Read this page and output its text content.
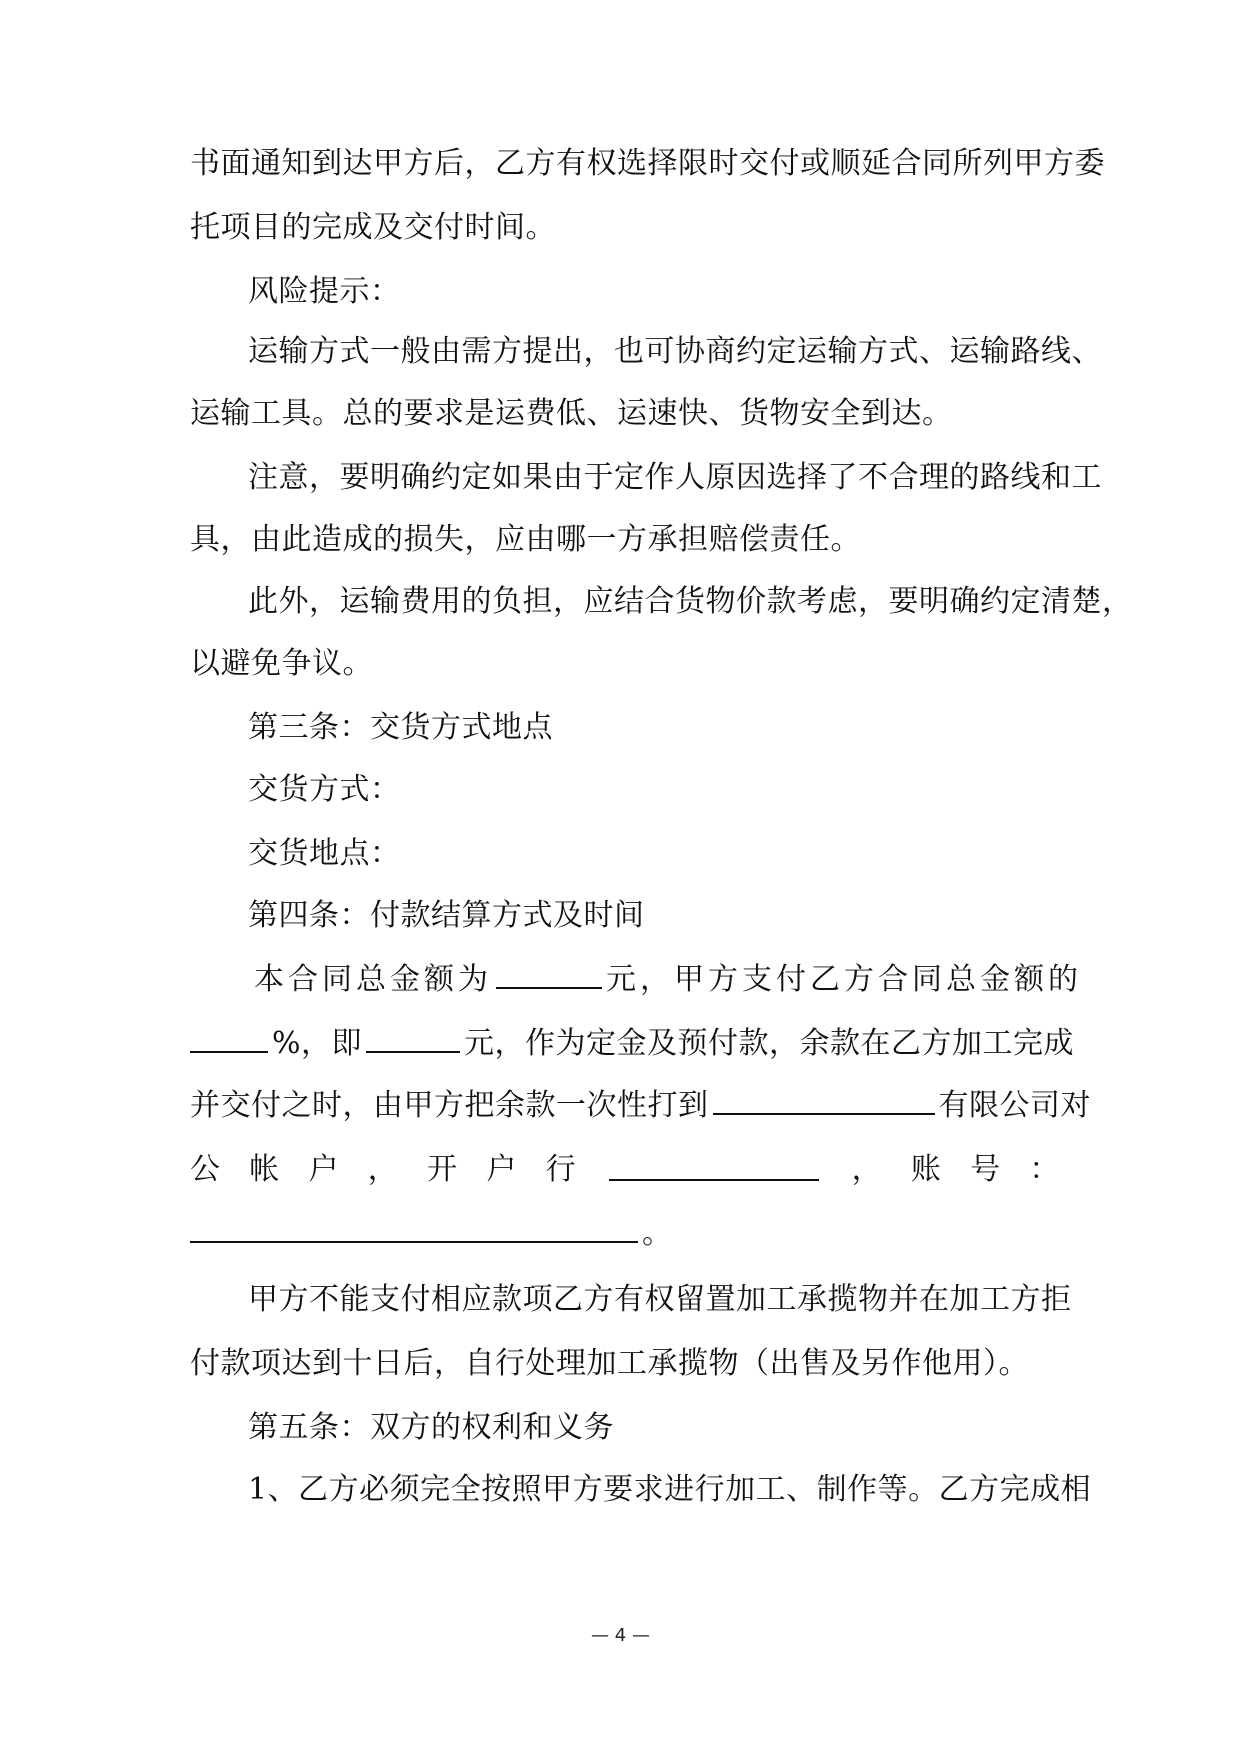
书面通知到达甲方后，乙方有权选择限时交付或顺延合同所列甲方委
托项目的完成及交付时间。
风险提示：
运输方式一般由需方提出，也可协商约定运输方式、运输路线、
运输工具。总的要求是运费低、运速快、货物安全到达。
注意，要明确约定如果由于定作人原因选择了不合理的路线和工
具，由此造成的损失，应由哪一方承担赔偿责任。
此外，运输费用的负担，应结合货物价款考虑，要明确约定清楚，
以避免争议。
第三条：交货方式地点
交货方式：
交货地点：
第四条：付款结算方式及时间
本合同总金额为	元，甲方支付乙方合同总金额的
%，即	元，作为定金及预付款，余款在乙方加工完成
并交付之时，由甲方把余款一次性打到	有限公司对
公 帐 户 ， 开 户 行	， 账 号 ：
。
甲方不能支付相应款项乙方有权留置加工承揽物并在加工方拒
付款项达到十日后，自行处理加工承揽物（出售及另作他用）。
第五条：双方的权利和义务
1、乙方必须完全按照甲方要求进行加工、制作等。乙方完成相
— 4 —
